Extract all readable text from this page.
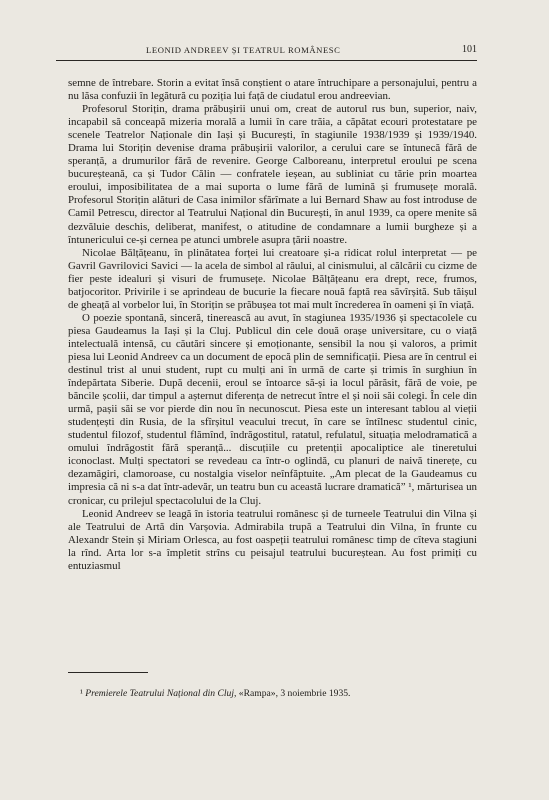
LEONID ANDREEV ȘI TEATRUL ROMÂNESC	101

semne de întrebare. Storin a evitat însă conștient o atare întruchipare a personajului, pentru a nu lăsa confuzii în legătură cu poziția lui față de ciudatul erou andreevian.

Profesorul Storițin, drama prăbușirii unui om, creat de autorul rus bun, superior, naiv, incapabil să conceapă mizeria morală a lumii în care trăia, a căpătat ecouri protestatare pe scenele Teatrelor Naționale din Iași și București, în stagiunile 1938/1939 și 1939/1940. Drama lui Storițin devenise drama prăbușirii valorilor, a cerului care se întunecă fără de speranță, a drumurilor fără de revenire. George Calboreanu, interpretul eroului pe scena bucureșteană, ca și Tudor Călin — confratele ieșean, au subliniat cu tărie prin moartea eroului, imposibilitatea de a mai suporta o lume fără de lumină și frumusețe morală. Profesorul Storițin alături de Casa inimilor sfărîmate a lui Bernard Shaw au fost introduse de Camil Petrescu, director al Teatrului Național din București, în anul 1939, ca opere menite să dezvăluie deschis, deliberat, manifest, o atitudine de condamnare a lumii burgheze și a întunericului ce-și cernea pe atunci umbrele asupra țării noastre.

Nicolae Bălțățeanu, în plinătatea forței lui creatoare și-a ridicat rolul interpretat — pe Gavril Gavrilovici Savici — la acela de simbol al răului, al cinismului, al călcării cu cizme de fier peste idealuri și visuri de frumusețe. Nicolae Bălțățeanu era drept, rece, frumos, batjocoritor. Privirile i se aprindeau de bucurie la fiecare nouă faptă rea săvîrșită. Sub tăișul de gheață al vorbelor lui, în Storițin se prăbușea tot mai mult încrederea în oameni și în viață.

O poezie spontană, sinceră, tinerească au avut, în stagiunea 1935/1936 și spectacolele cu piesa Gaudeamus la Iași și la Cluj. Publicul din cele două orașe universitare, cu o viață intelectuală intensă, cu căutări sincere și emoționante, sensibil la nou și valoros, a primit piesa lui Leonid Andreev ca un document de epocă plin de semnificații. Piesa are în centrul ei destinul trist al unui student, rupt cu mulți ani în urmă de carte și trimis în surghiun în îndepărtata Siberie. După decenii, eroul se întoarce să-și ia locul părăsit, fără de voie, pe băncile școlii, dar timpul a așternut diferența de netrecut între el și noii săi colegi. În cele din urmă, pașii săi se vor pierde din nou în necunoscut. Piesa este un interesant tablou al vieții studențești din Rusia, de la sfîrșitul veacului trecut, în care se întîlnesc studentul cinic, studentul filozof, studentul flămînd, îndrăgostitul, ratatul, refulatul, situația melodramatică a omului îndrăgostit fără speranță... discuțiile cu pretenții apocaliptice ale tineretului iconoclast. Mulți spectatori se revedeau ca într-o oglindă, cu planuri de naivă tinerețe, cu dezamăgiri, clamoroase, cu nostalgia viselor neînfăptuite. „Am plecat de la Gaudeamus cu impresia că ni s-a dat într-adevăr, un teatru bun cu această lucrare dramatică” ¹, mărturisea un cronicar, cu prilejul spectacolului de la Cluj.

Leonid Andreev se leagă în istoria teatrului românesc și de turneele Teatrului din Vilna și ale Teatrului de Artă din Varșovia. Admirabila trupă a Teatrului din Vilna, în frunte cu Alexandr Stein și Miriam Orlesca, au fost oaspeții teatrului românesc timp de cîteva stagiuni la rînd. Arta lor s-a împletit strîns cu peisajul teatrului bucureștean. Au fost primiți cu entuziasmul

¹ Premierele Teatrului Național din Cluj, «Rampa», 3 noiembrie 1935.
